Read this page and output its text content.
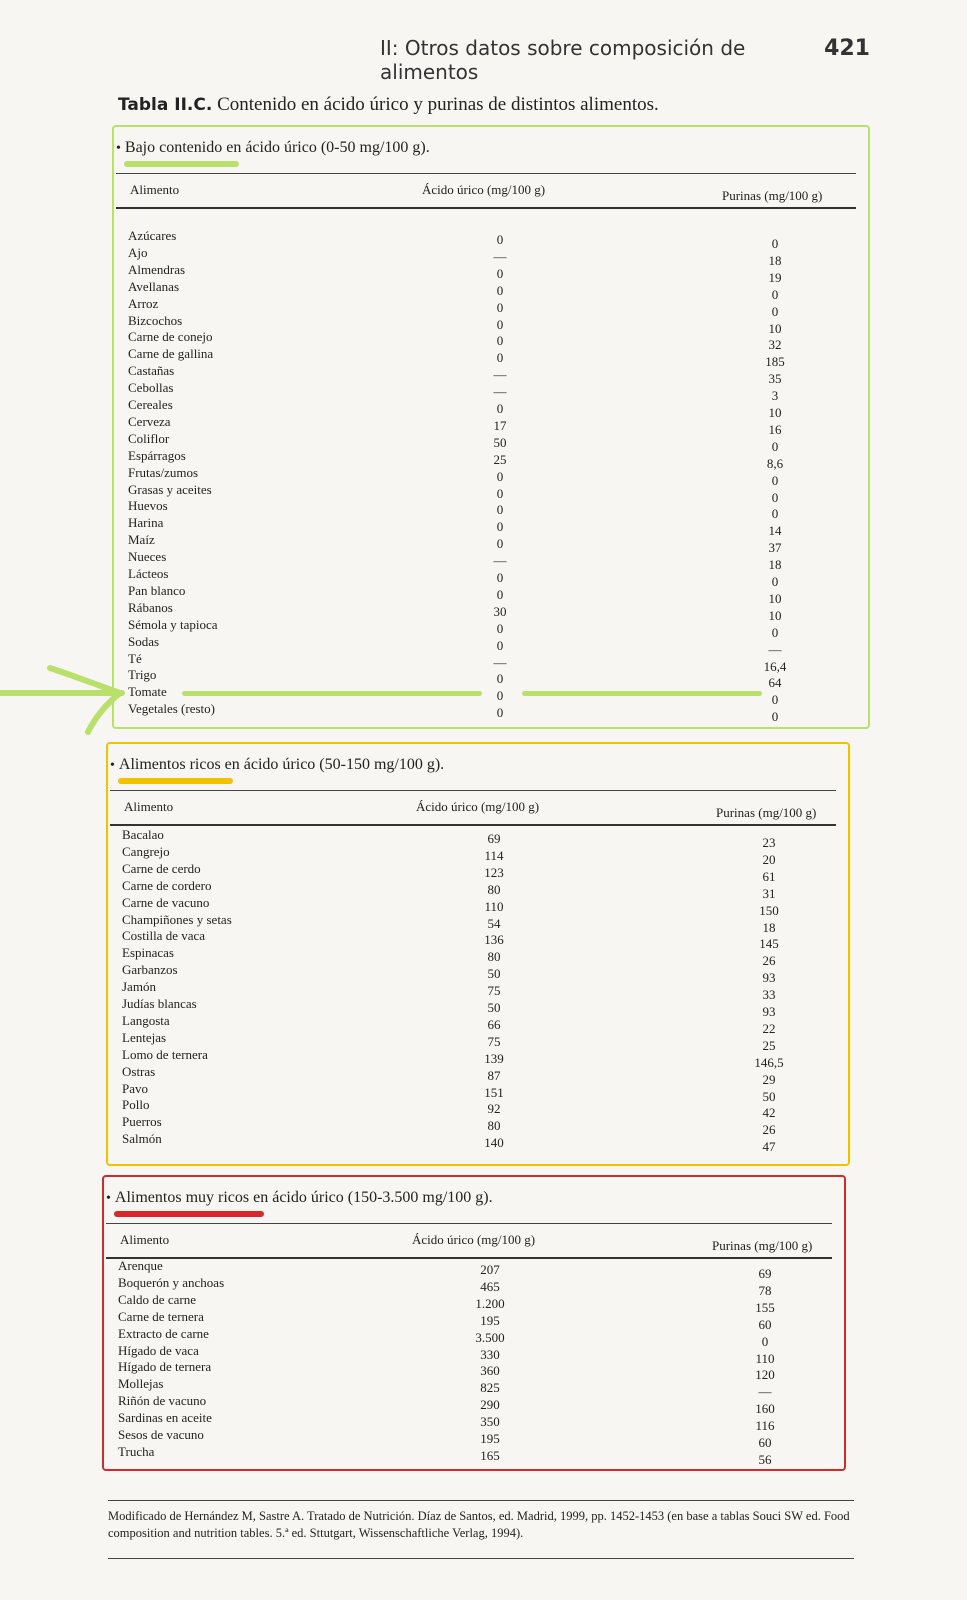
II: Otros datos sobre composición de alimentos
421
Tabla II.C. Contenido en ácido úrico y purinas de distintos alimentos.
• Bajo contenido en ácido úrico (0-50 mg/100 g).
Alimento	Ácido úrico (mg/100 g)	Purinas (mg/100 g)
Azúcares	0	0
Ajo	—	18
Almendras	0	19
Avellanas	0	0
Arroz	0	0
Bizcochos	0	10
Carne de conejo	0	32
Carne de gallina	0	185
Castañas	—	35
Cebollas	—	3
Cereales	0	10
Cerveza	17	16
Coliflor	50	0
Espárragos	25	8,6
Frutas/zumos	0	0
Grasas y aceites	0	0
Huevos	0	0
Harina	0	14
Maíz	0	37
Nueces	—	18
Lácteos	0	0
Pan blanco	0	10
Rábanos	30	10
Sémola y tapioca	0	0
Sodas	0	—
Té	—	16,4
Trigo	0	64
Tomate	0	0
Vegetales (resto)	0	0
• Alimentos ricos en ácido úrico (50-150 mg/100 g).
Alimento	Ácido úrico (mg/100 g)	Purinas (mg/100 g)
Bacalao	69	23
Cangrejo	114	20
Carne de cerdo	123	61
Carne de cordero	80	31
Carne de vacuno	110	150
Champiñones y setas	54	18
Costilla de vaca	136	145
Espinacas	80	26
Garbanzos	50	93
Jamón	75	33
Judías blancas	50	93
Langosta	66	22
Lentejas	75	25
Lomo de ternera	139	146,5
Ostras	87	29
Pavo	151	50
Pollo	92	42
Puerros	80	26
Salmón	140	47
• Alimentos muy ricos en ácido úrico (150-3.500 mg/100 g).
Alimento	Ácido úrico (mg/100 g)	Purinas (mg/100 g)
Arenque	207	69
Boquerón y anchoas	465	78
Caldo de carne	1.200	155
Carne de ternera	195	60
Extracto de carne	3.500	0
Hígado de vaca	330	110
Hígado de ternera	360	120
Mollejas	825	—
Riñón de vacuno	290	160
Sardinas en aceite	350	116
Sesos de vacuno	195	60
Trucha	165	56
Modificado de Hernández M, Sastre A. Tratado de Nutrición. Díaz de Santos, ed. Madrid, 1999, pp. 1452-1453 (en base a tablas Souci SW ed. Food composition and nutrition tables. 5.ª ed. Sttutgart, Wissenschaftliche Verlag, 1994).
